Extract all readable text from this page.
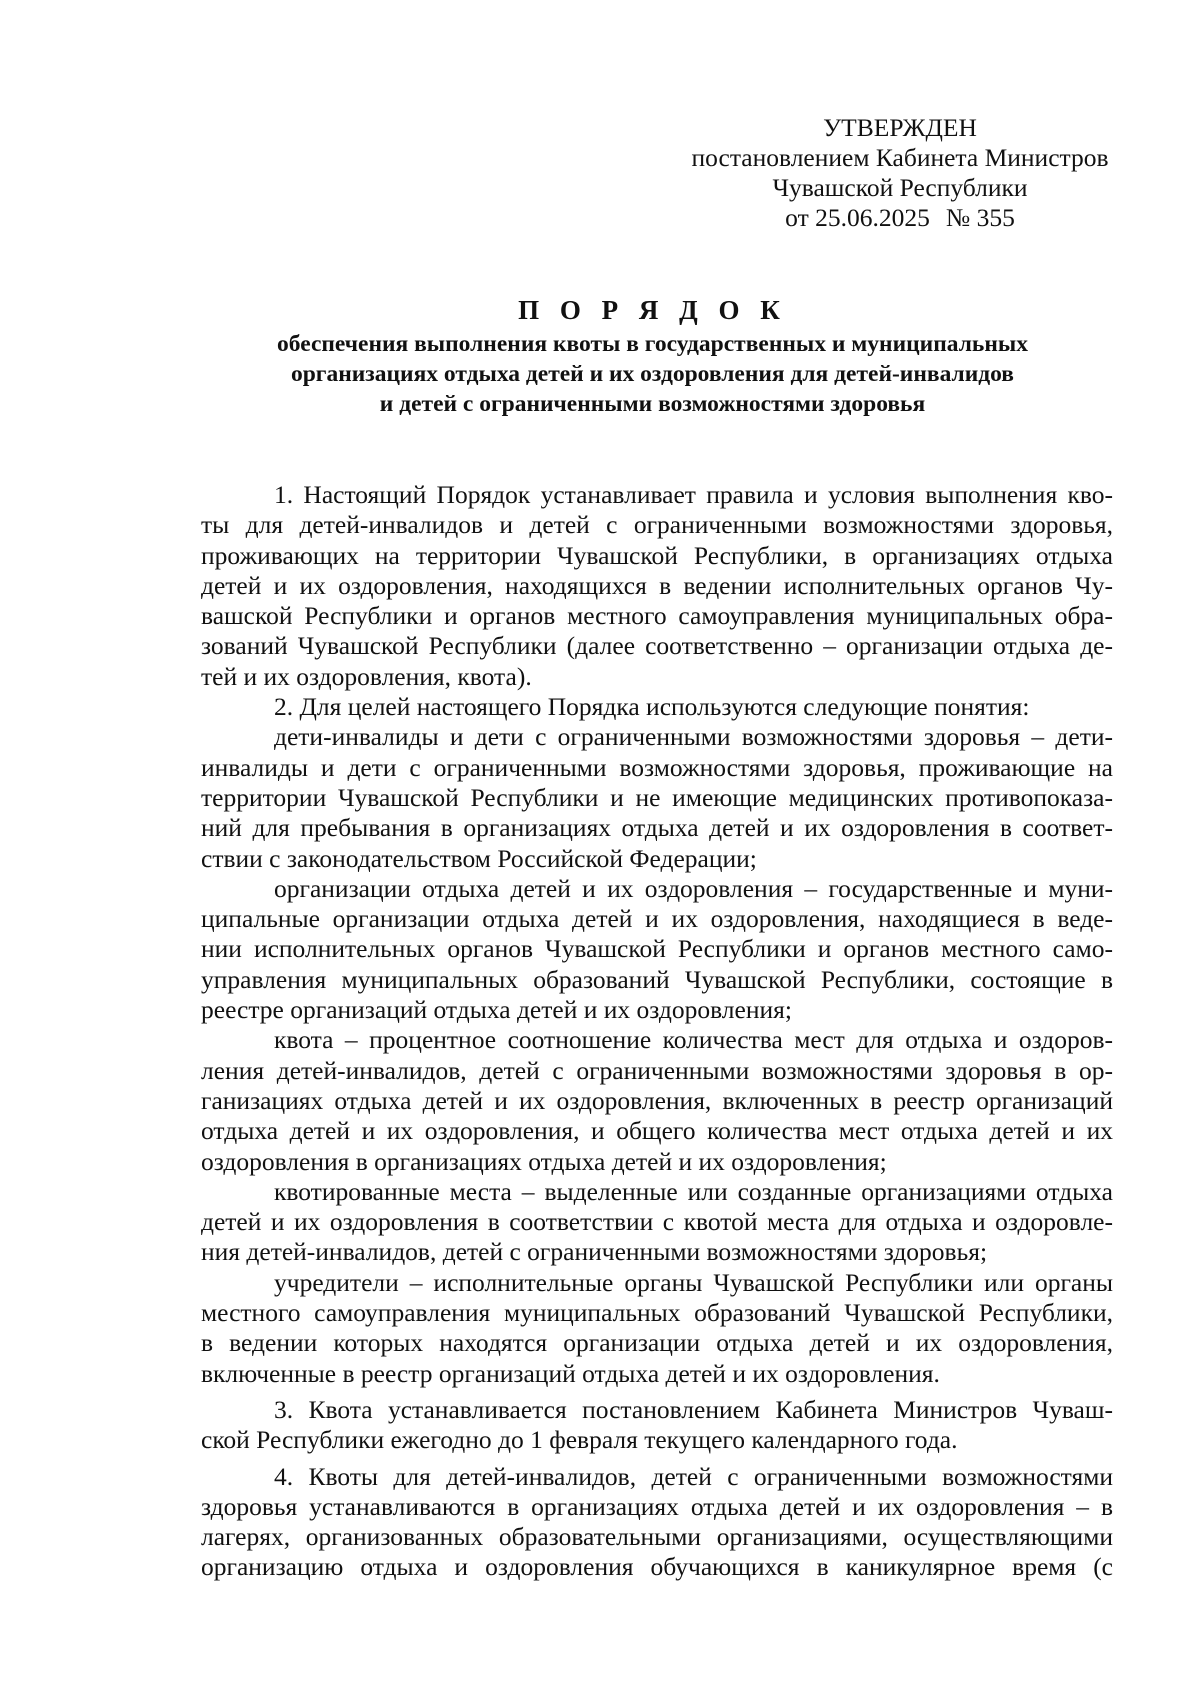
УТВЕРЖДЕН
постановлением Кабинета Министров
Чувашской Республики
от 25.06.2025 № 355
П О Р Я Д О К
обеспечения выполнения квоты в государственных и муниципальных
организациях отдыха детей и их оздоровления для детей-инвалидов
и детей с ограниченными возможностями здоровья
1. Настоящий Порядок устанавливает правила и условия выполнения кво-
ты для детей-инвалидов и детей с ограниченными возможностями здоровья,
проживающих на территории Чувашской Республики, в организациях отдыха
детей и их оздоровления, находящихся в ведении исполнительных органов Чу-
вашской Республики и органов местного самоуправления муниципальных обра-
зований Чувашской Республики (далее соответственно – организации отдыха де-
тей и их оздоровления, квота).
2. Для целей настоящего Порядка используются следующие понятия:
дети-инвалиды и дети с ограниченными возможностями здоровья – дети-
инвалиды и дети с ограниченными возможностями здоровья, проживающие на
территории Чувашской Республики и не имеющие медицинских противопоказа-
ний для пребывания в организациях отдыха детей и их оздоровления в соответ-
ствии с законодательством Российской Федерации;
организации отдыха детей и их оздоровления – государственные и муни-
ципальные организации отдыха детей и их оздоровления, находящиеся в веде-
нии исполнительных органов Чувашской Республики и органов местного само-
управления муниципальных образований Чувашской Республики, состоящие в
реестре организаций отдыха детей и их оздоровления;
квота – процентное соотношение количества мест для отдыха и оздоров-
ления детей-инвалидов, детей с ограниченными возможностями здоровья в ор-
ганизациях отдыха детей и их оздоровления, включенных в реестр организаций
отдыха детей и их оздоровления, и общего количества мест отдыха детей и их
оздоровления в организациях отдыха детей и их оздоровления;
квотированные места – выделенные или созданные организациями отдыха
детей и их оздоровления в соответствии с квотой места для отдыха и оздоровле-
ния детей-инвалидов, детей с ограниченными возможностями здоровья;
учредители – исполнительные органы Чувашской Республики или органы
местного самоуправления муниципальных образований Чувашской Республики,
в ведении которых находятся организации отдыха детей и их оздоровления,
включенные в реестр организаций отдыха детей и их оздоровления.
3. Квота устанавливается постановлением Кабинета Министров Чуваш-
ской Республики ежегодно до 1 февраля текущего календарного года.
4. Квоты для детей-инвалидов, детей с ограниченными возможностями
здоровья устанавливаются в организациях отдыха детей и их оздоровления – в
лагерях, организованных образовательными организациями, осуществляющими
организацию отдыха и оздоровления обучающихся в каникулярное время (с
